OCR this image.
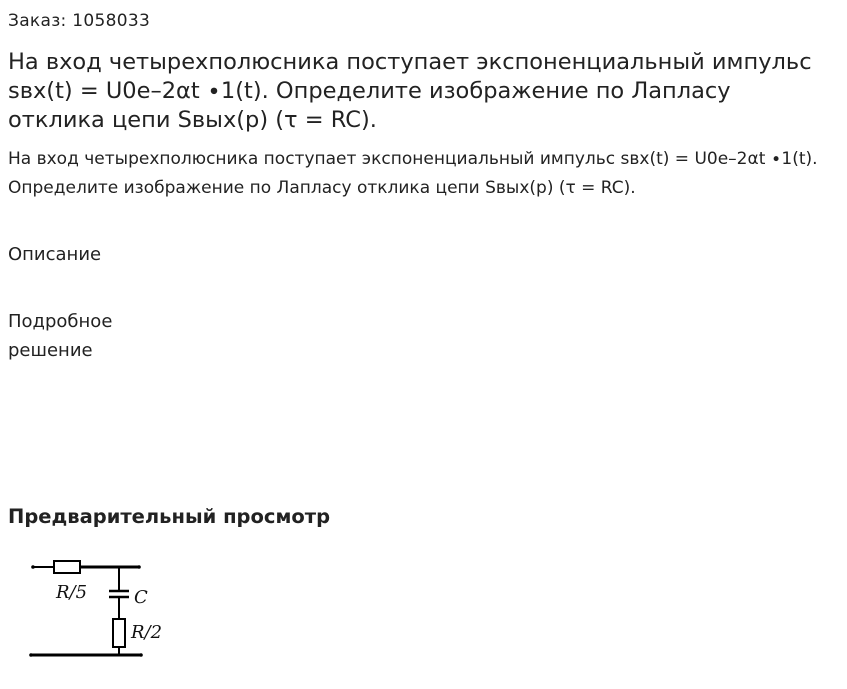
Заказ: 1058033
На вход четырехполюсника поступает экспоненциальный импульс sвх(t) = U0e–2αt ∙1(t). Определите изображение по Лапласу отклика цепи Sвых(p) (τ = RC).

На вход четырехполюсника поступает экспоненциальный импульс sвх(t) = U0e–2αt ∙1(t). Определите изображение по Лапласу отклика цепи Sвых(p) (τ = RC).

Описание
Подробное решение
Предварительный просмотр
R/5	C
R/2
